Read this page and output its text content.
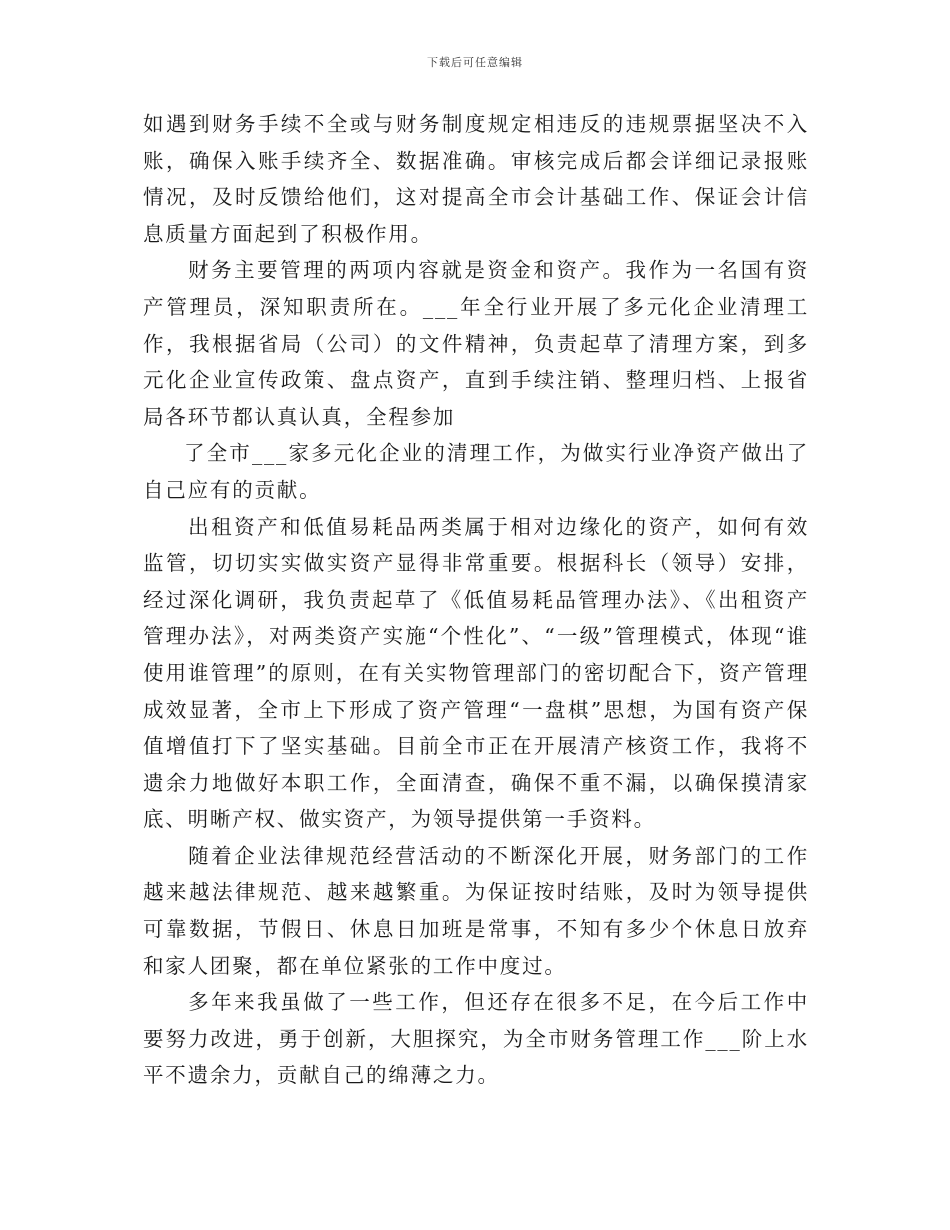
下载后可任意编辑

如遇到财务手续不全或与财务制度规定相违反的违规票据坚决不入账，确保入账手续齐全、数据准确。审核完成后都会详细记录报账情况，及时反馈给他们，这对提高全市会计基础工作、保证会计信息质量方面起到了积极作用。

财务主要管理的两项内容就是资金和资产。我作为一名国有资产管理员，深知职责所在。___年全行业开展了多元化企业清理工作，我根据省局（公司）的文件精神，负责起草了清理方案，到多元化企业宣传政策、盘点资产，直到手续注销、整理归档、上报省局各环节都认真认真，全程参加

了全市___家多元化企业的清理工作，为做实行业净资产做出了自己应有的贡献。

出租资产和低值易耗品两类属于相对边缘化的资产，如何有效监管，切切实实做实资产显得非常重要。根据科长（领导）安排，经过深化调研，我负责起草了《低值易耗品管理办法》、《出租资产管理办法》，对两类资产实施“个性化”、“一级”管理模式，体现“谁使用谁管理”的原则，在有关实物管理部门的密切配合下，资产管理成效显著，全市上下形成了资产管理“一盘棋”思想，为国有资产保值增值打下了坚实基础。目前全市正在开展清产核资工作，我将不遗余力地做好本职工作，全面清查，确保不重不漏，以确保摸清家底、明晰产权、做实资产，为领导提供第一手资料。

随着企业法律规范经营活动的不断深化开展，财务部门的工作越来越法律规范、越来越繁重。为保证按时结账，及时为领导提供可靠数据，节假日、休息日加班是常事，不知有多少个休息日放弃和家人团聚，都在单位紧张的工作中度过。

多年来我虽做了一些工作，但还存在很多不足，在今后工作中要努力改进，勇于创新，大胆探究，为全市财务管理工作___阶上水平不遗余力，贡献自己的绵薄之力。
